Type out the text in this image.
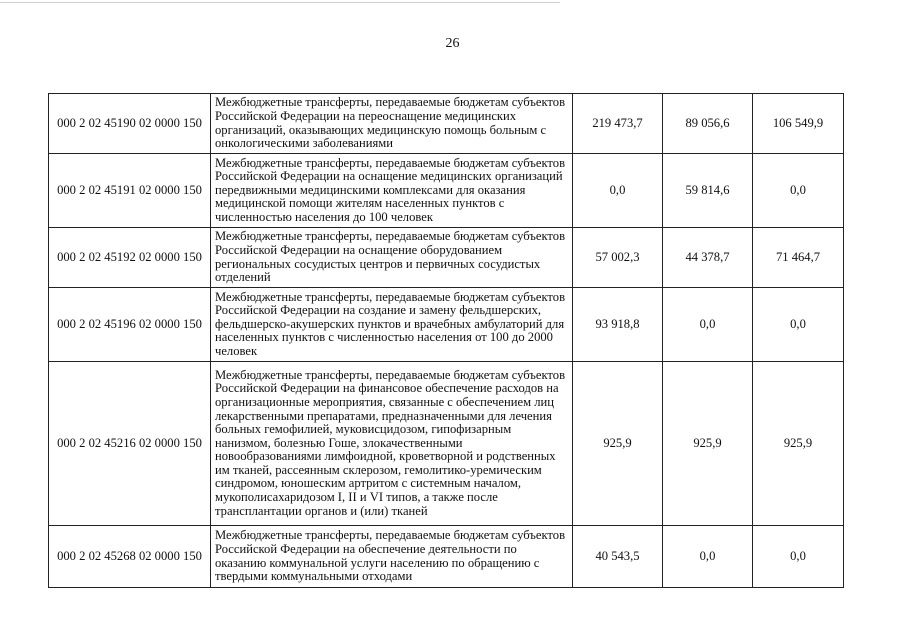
26
000 2 02 45190 02 0000 150	Межбюджетные трансферты, передаваемые бюджетам субъектов Российской Федерации на переоснащение медицинских организаций, оказывающих медицинскую помощь больным с онкологическими заболеваниями	219 473,7	89 056,6	106 549,9
000 2 02 45191 02 0000 150	Межбюджетные трансферты, передаваемые бюджетам субъектов Российской Федерации на оснащение медицинских организаций передвижными медицинскими комплексами для оказания медицинской помощи жителям населенных пунктов с численностью населения до 100 человек	0,0	59 814,6	0,0
000 2 02 45192 02 0000 150	Межбюджетные трансферты, передаваемые бюджетам субъектов Российской Федерации на оснащение оборудованием региональных сосудистых центров и первичных сосудистых отделений	57 002,3	44 378,7	71 464,7
000 2 02 45196 02 0000 150	Межбюджетные трансферты, передаваемые бюджетам субъектов Российской Федерации на создание и замену фельдшерских, фельдшерско-акушерских пунктов и врачебных амбулаторий для населенных пунктов с численностью населения от 100 до 2000 человек	93 918,8	0,0	0,0
000 2 02 45216 02 0000 150	Межбюджетные трансферты, передаваемые бюджетам субъектов Российской Федерации на финансовое обеспечение расходов на организационные мероприятия, связанные с обеспечением лиц лекарственными препаратами, предназначенными для лечения больных гемофилией, муковисцидозом, гипофизарным нанизмом, болезнью Гоше, злокачественными новообразованиями лимфоидной, кроветворной и родственных им тканей, рассеянным склерозом, гемолитико-уремическим синдромом, юношеским артритом с системным началом, мукополисахаридозом I, II и VI типов, а также после трансплантации органов и (или) тканей	925,9	925,9	925,9
000 2 02 45268 02 0000 150	Межбюджетные трансферты, передаваемые бюджетам субъектов Российской Федерации на обеспечение деятельности по оказанию коммунальной услуги населению по обращению с твердыми коммунальными отходами	40 543,5	0,0	0,0
